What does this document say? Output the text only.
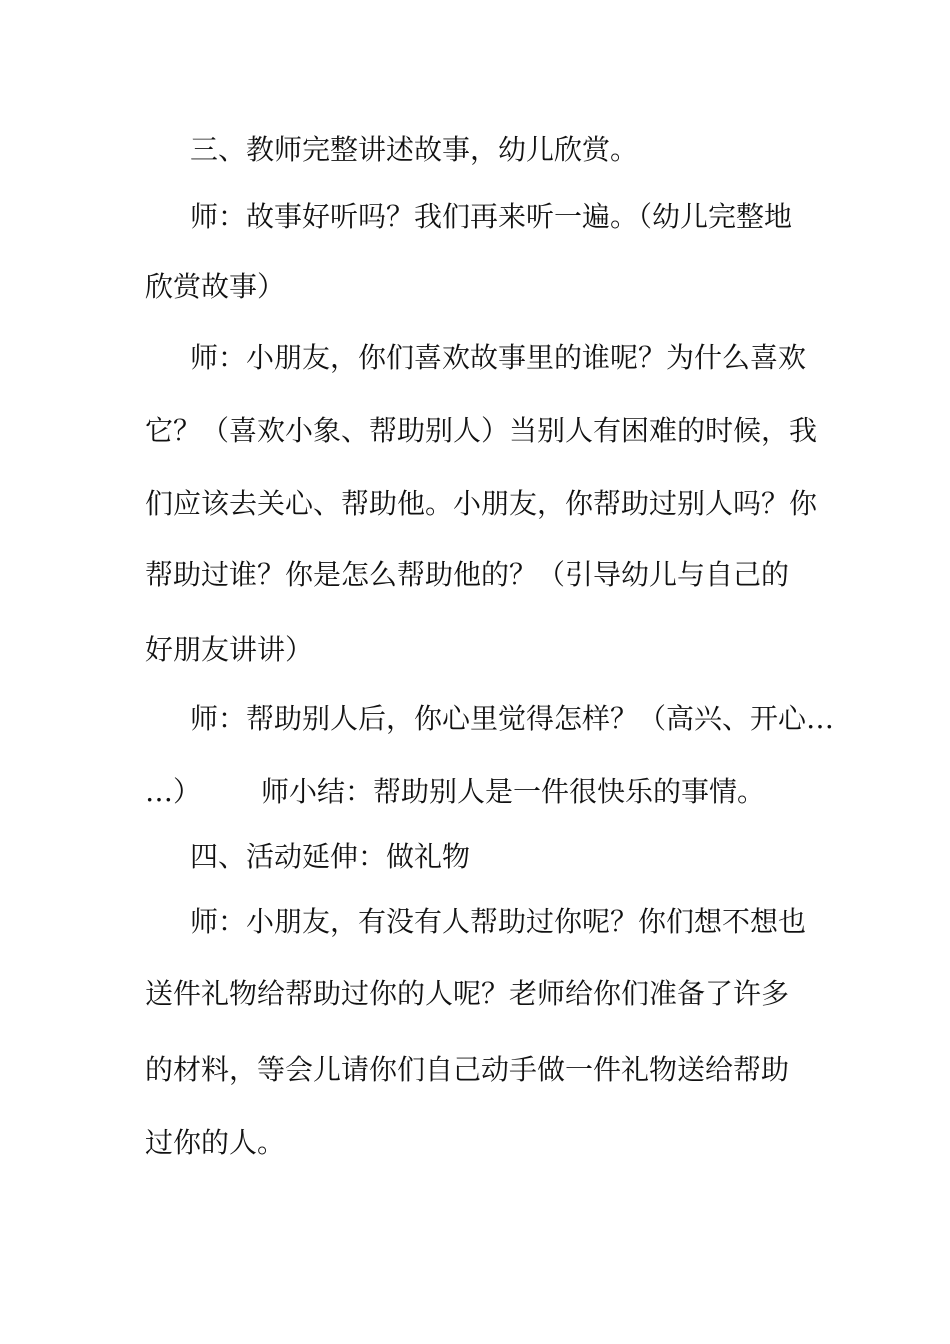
三、教师完整讲述故事，幼儿欣赏。
师：故事好听吗？我们再来听一遍。（幼儿完整地
欣赏故事）
师：小朋友，你们喜欢故事里的谁呢？为什么喜欢
它？（喜欢小象、帮助别人）当别人有困难的时候，我
们应该去关心、帮助他。小朋友，你帮助过别人吗？你
帮助过谁？你是怎么帮助他的？（引导幼儿与自己的
好朋友讲讲）
师：帮助别人后，你心里觉得怎样？（高兴、开心…
…） 师小结：帮助别人是一件很快乐的事情。
四、活动延伸：做礼物
师：小朋友，有没有人帮助过你呢？你们想不想也
送件礼物给帮助过你的人呢？老师给你们准备了许多
的材料，等会儿请你们自己动手做一件礼物送给帮助
过你的人。
